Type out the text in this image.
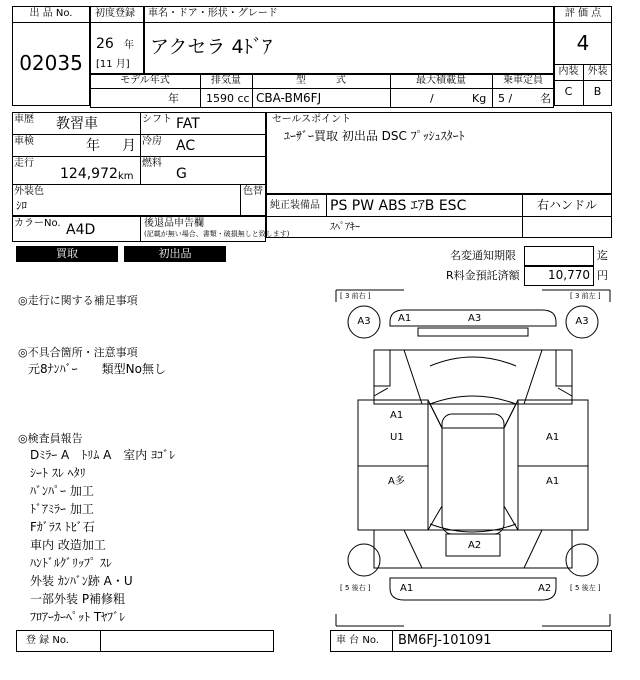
出 品 No.
02035
初度登録
26 年
[11 月]
車名・ドア・形状・グレード
アクセラ 4ﾄﾞｱ
評 価 点
4
内装 外装
C	B
モデル年式
年
排気量
1590 cc
型　　　式
CBA-BM6FJ
最大積載量
/	Kg
乗車定員
5 /	名
車歴 教習車	シフト FAT
車検	年 月 冷房 AC
走行
124,972 km
燃料
G
外装色
ｼﾛ
色替
セールスポイント
ﾕｰｻﾞｰ買取 初出品 DSC ﾌﾟｯｼｭｽﾀｰﾄ
純正装備品 PS PW ABS ｴｱB ESC
ｽﾍﾟｱｷｰ
右ハンドル
カラーNo. A4D	後退品申告欄
(記載が無い場合、書類・破損無しと致します)
買取	初出品	名変通知期限	迄
R料金預託済額 10,770 円
◎走行に関する補足事項
◎不具合箇所・注意事項
元8ﾅﾝﾊﾞｰ　　類型No無し
◎検査員報告
Dﾐﾗｰ A　ﾄﾘﾑ A　室内 ﾖｺﾞﾚ
ｼｰﾄ ｽﾚ ﾍﾀﾘ
ﾊﾞﾝﾊﾟｰ 加工
ﾄﾞｱﾐﾗｰ 加工
Fｶﾞﾗｽ ﾄﾋﾞ石
車内 改造加工
ﾊﾝﾄﾞﾙｸﾞﾘｯﾌﾟ ｽﾚ
外装 ｶﾝﾊﾞﾝ跡 A・U
一部外装 P補修粗
ﾌﾛｱｰｶｰﾍﾟｯﾄ Tﾔﾌﾞﾚ
[ 3 前右 ]	[ 3 前左 ]
[ 5 後右 ]	[ 5 後左 ]
A3	A3
A1	A3
A1
U1
A多
A1
A1
A2
A1	A2
登 録 No.	車 台 No. BM6FJ-101091
